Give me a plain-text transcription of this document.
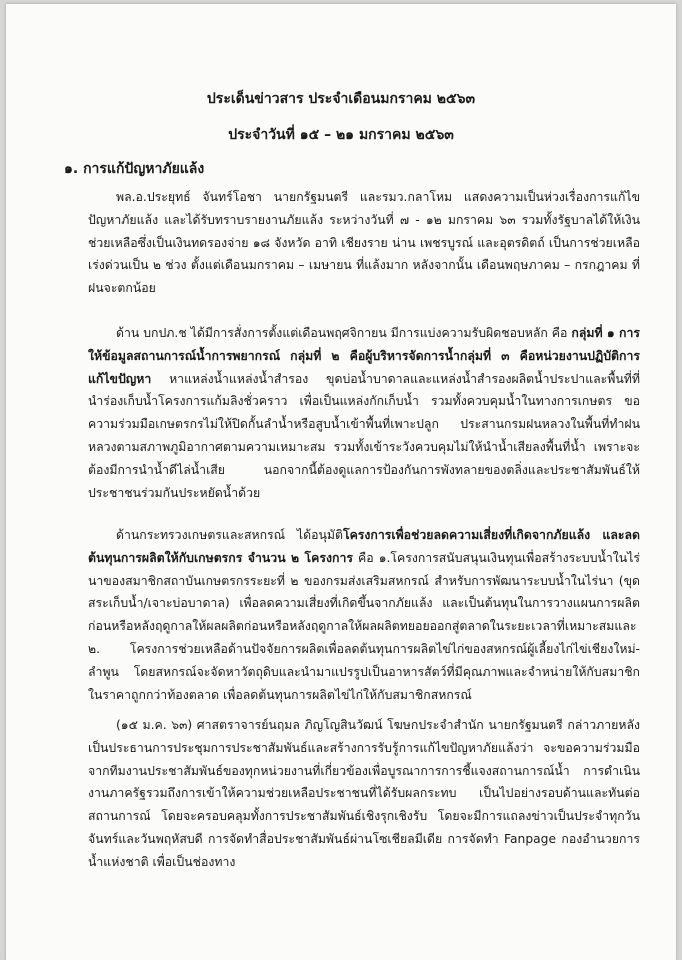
ประเด็นข่าวสาร ประจำเดือนมกราคม ๒๕๖๓
ประจำวันที่ ๑๕ – ๒๑ มกราคม ๒๕๖๓
๑. การแก้ปัญหาภัยแล้ง
พล.อ.ประยุทธ์ จันทร์โอชา นายกรัฐมนตรี และรมว.กลาโหม แสดงความเป็นห่วงเรื่องการแก้ไขปัญหาภัยแล้ง และได้รับทราบรายงานภัยแล้ง ระหว่างวันที่ ๗ - ๑๒ มกราคม ๖๓ รวมทั้งรัฐบาลได้ให้เงินช่วยเหลือซึ่งเป็นเงินทดรองจ่าย ๑๘ จังหวัด อาทิ เชียงราย น่าน เพชรบูรณ์ และอุตรดิตถ์ เป็นการช่วยเหลือเร่งด่วนเป็น ๒ ช่วง ตั้งแต่เดือนมกราคม – เมษายน ที่แล้งมาก หลังจากนั้น เดือนพฤษภาคม – กรกฎาคม ที่ฝนจะตกน้อย
ด้าน บกปภ.ช ได้มีการสั่งการตั้งแต่เดือนพฤศจิกายน มีการแบ่งความรับผิดชอบหลัก คือ กลุ่มที่ ๑ การให้ข้อมูลสถานการณ์น้ำการพยากรณ์ กลุ่มที่ ๒ คือผู้บริหารจัดการน้ำกลุ่มที่ ๓ คือหน่วยงานปฏิบัติการแก้ไขปัญหา หาแหล่งน้ำแหล่งน้ำสำรอง ขุดบ่อน้ำบาดาลและแหล่งน้ำสำรองผลิตน้ำประปาและพื้นที่ที่นำร่องเก็บน้ำโครงการแก้มลิงชั่วคราว เพื่อเป็นแหล่งกักเก็บน้ำ รวมทั้งควบคุมน้ำในทางการเกษตร ขอความร่วมมือเกษตรกรไม่ให้ปิดกั้นลำน้ำหรือสูบน้ำเข้าพื้นที่เพาะปลูก ประสานกรมฝนหลวงในพื้นที่ทำฝนหลวงตามสภาพภูมิอากาศตามความเหมาะสม รวมทั้งเข้าระวังควบคุมไม่ให้นำน้ำเสียลงพื้นที่น้ำ เพราะจะต้องมีการนำน้ำดีไล่น้ำเสีย นอกจากนี้ต้องดูแลการป้องกันการพังทลายของตลิ่งและประชาสัมพันธ์ให้ประชาชนร่วมกันประหยัดน้ำด้วย
ด้านกระทรวงเกษตรและสหกรณ์ ได้อนุมัติโครงการเพื่อช่วยลดความเสี่ยงที่เกิดจากภัยแล้ง และลดต้นทุนการผลิตให้กับเกษตรกร จำนวน ๒ โครงการ คือ ๑.โครงการสนับสนุนเงินทุนเพื่อสร้างระบบน้ำในไร่นาของสมาชิกสถาบันเกษตรกรระยะที่ ๒ ของกรมส่งเสริมสหกรณ์ สำหรับการพัฒนาระบบน้ำในไร่นา (ขุดสระเก็บน้ำ/เจาะบ่อบาดาล) เพื่อลดความเสี่ยงที่เกิดขึ้นจากภัยแล้ง และเป็นต้นทุนในการวางแผนการผลิตก่อนหรือหลังฤดูกาลให้ผลผลิตก่อนหรือหลังฤดูกาลให้ผลผลิตทยอยออกสู่ตลาดในระยะเวลาที่เหมาะสมและ ๒. โครงการช่วยเหลือด้านปัจจัยการผลิตเพื่อลดต้นทุนการผลิตไข่ไก่ของสหกรณ์ผู้เลี้ยงไก่ไข่เชียงใหม่-ลำพูน โดยสหกรณ์จะจัดหาวัตถุดิบและนำมาแปรรูปเป็นอาหารสัตว์ที่มีคุณภาพและจำหน่ายให้กับสมาชิกในราคาถูกกว่าท้องตลาด เพื่อลดต้นทุนการผลิตไข่ไก่ให้กับสมาชิกสหกรณ์
(๑๕ ม.ค. ๖๓) ศาสตราจารย์นฤมล ภิญโญสินวัฒน์ โฆษกประจำสำนัก นายกรัฐมนตรี กล่าวภายหลังเป็นประธานการประชุมการประชาสัมพันธ์และสร้างการรับรู้การแก้ไขปัญหาภัยแล้งว่า จะขอความร่วมมือจากทีมงานประชาสัมพันธ์ของทุกหน่วยงานที่เกี่ยวข้องเพื่อบูรณาการการชี้แจงสถานการณ์น้ำ การดำเนินงานภาครัฐรวมถึงการเข้าให้ความช่วยเหลือประชาชนที่ได้รับผลกระทบ เป็นไปอย่างรอบด้านและทันต่อสถานการณ์ โดยจะครอบคลุมทั้งการประชาสัมพันธ์เชิงรุกเชิงรับ โดยจะมีการแถลงข่าวเป็นประจำทุกวันจันทร์และวันพฤหัสบดี การจัดทำสื่อประชาสัมพันธ์ผ่านโซเชียลมีเดีย การจัดทำ Fanpage กองอำนวยการน้ำแห่งชาติ เพื่อเป็นช่องทาง
